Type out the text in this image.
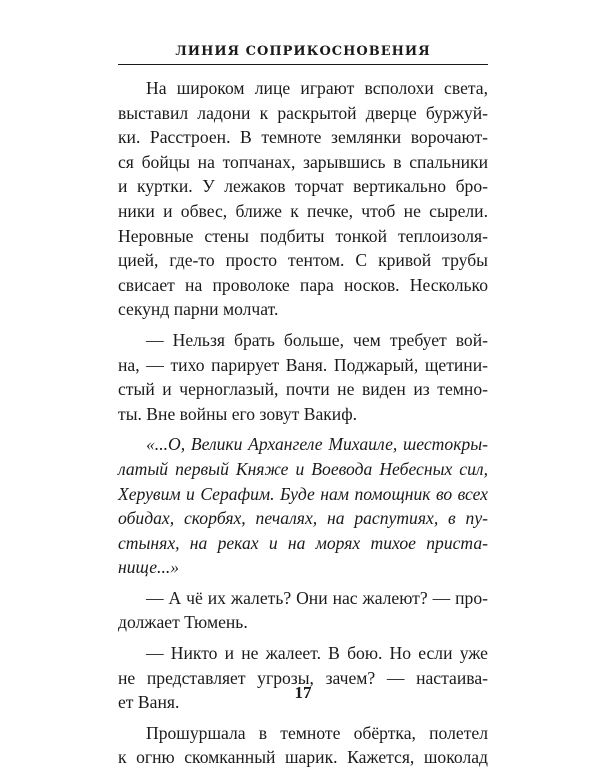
ЛИНИЯ СОПРИКОСНОВЕНИЯ

На широком лице играют всполохи света,
выставил ладони к раскрытой дверце буржуй-
ки. Расстроен. В темноте землянки ворочают-
ся бойцы на топчанах, зарывшись в спальники
и куртки. У лежаков торчат вертикально бро-
ники и обвес, ближе к печке, чтоб не сырели.
Неровные стены подбиты тонкой теплоизоля-
цией, где-то просто тентом. С кривой трубы
свисает на проволоке пара носков. Несколько
секунд парни молчат.

— Нельзя брать больше, чем требует вой-
на, — тихо парирует Ваня. Поджарый, щетини-
стый и черноглазый, почти не виден из темно-
ты. Вне войны его зовут Вакиф.

«...О, Велики Архангеле Михаиле, шестокры-
латый первый Княже и Воевода Небесных сил,
Херувим и Серафим. Буде нам помощник во всех
обидах, скорбях, печалях, на распутиях, в пу-
стынях, на реках и на морях тихое приста-
нище...»

— А чё их жалеть? Они нас жалеют? — про-
должает Тюмень.

— Никто и не жалеет. В бою. Но если уже
не представляет угрозы, зачем? — настаива-
ет Ваня.

Прошуршала в темноте обёртка, полетел
к огню скомканный шарик. Кажется, шоколад

17
